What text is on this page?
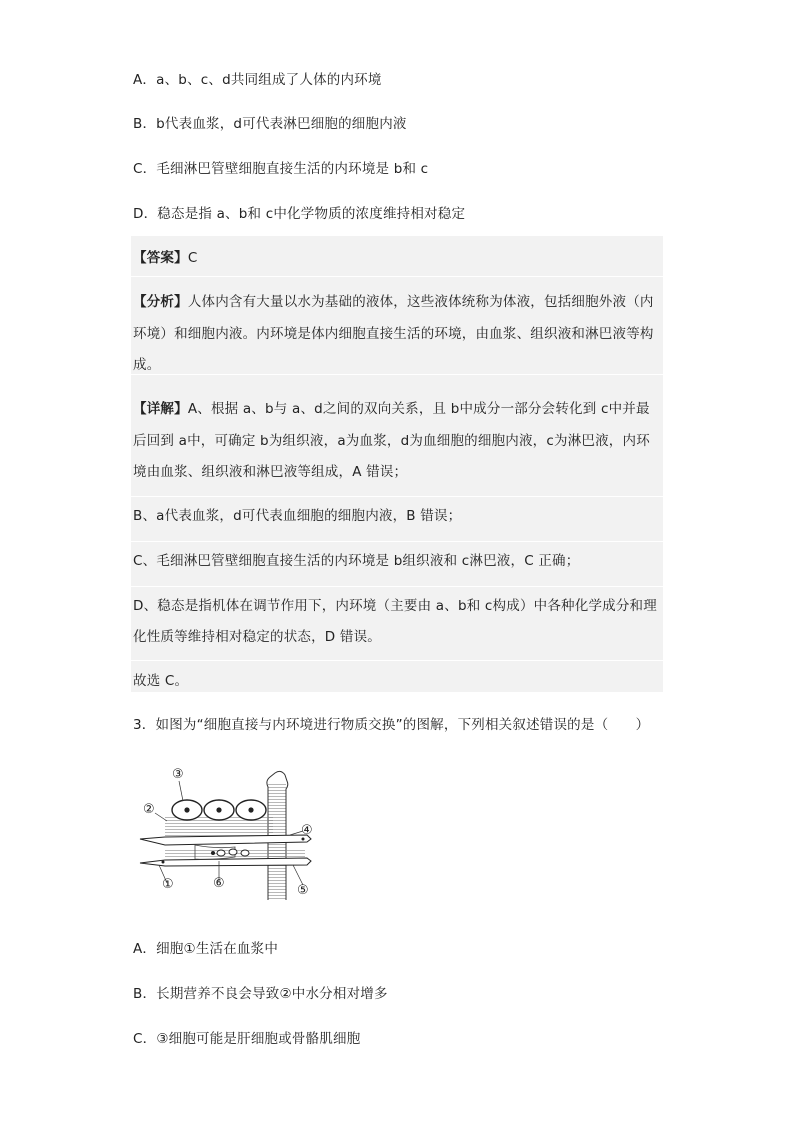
A．a、b、c、d共同组成了人体的内环境
B．b代表血浆，d可代表淋巴细胞的细胞内液
C．毛细淋巴管壁细胞直接生活的内环境是 b和 c
D．稳态是指 a、b和 c中化学物质的浓度维持相对稳定
【答案】C
【分析】人体内含有大量以水为基础的液体，这些液体统称为体液，包括细胞外液（内
环境）和细胞内液。内环境是体内细胞直接生活的环境，由血浆、组织液和淋巴液等构
成。
【详解】A、根据 a、b与 a、d之间的双向关系，且 b中成分一部分会转化到 c中并最
后回到 a中，可确定 b为组织液，a为血浆，d为血细胞的细胞内液，c为淋巴液，内环
境由血浆、组织液和淋巴液等组成，A 错误；
B、a代表血浆，d可代表血细胞的细胞内液，B 错误；
C、毛细淋巴管壁细胞直接生活的内环境是 b组织液和 c淋巴液，C 正确；
D、稳态是指机体在调节作用下，内环境（主要由 a、b和 c构成）中各种化学成分和理
化性质等维持相对稳定的状态，D 错误。
故选 C。
3．如图为“细胞直接与内环境进行物质交换”的图解，下列相关叙述错误的是（　　）
①
②
③
④
⑤
⑥
A．细胞①生活在血浆中
B．长期营养不良会导致②中水分相对增多
C．③细胞可能是肝细胞或骨骼肌细胞
